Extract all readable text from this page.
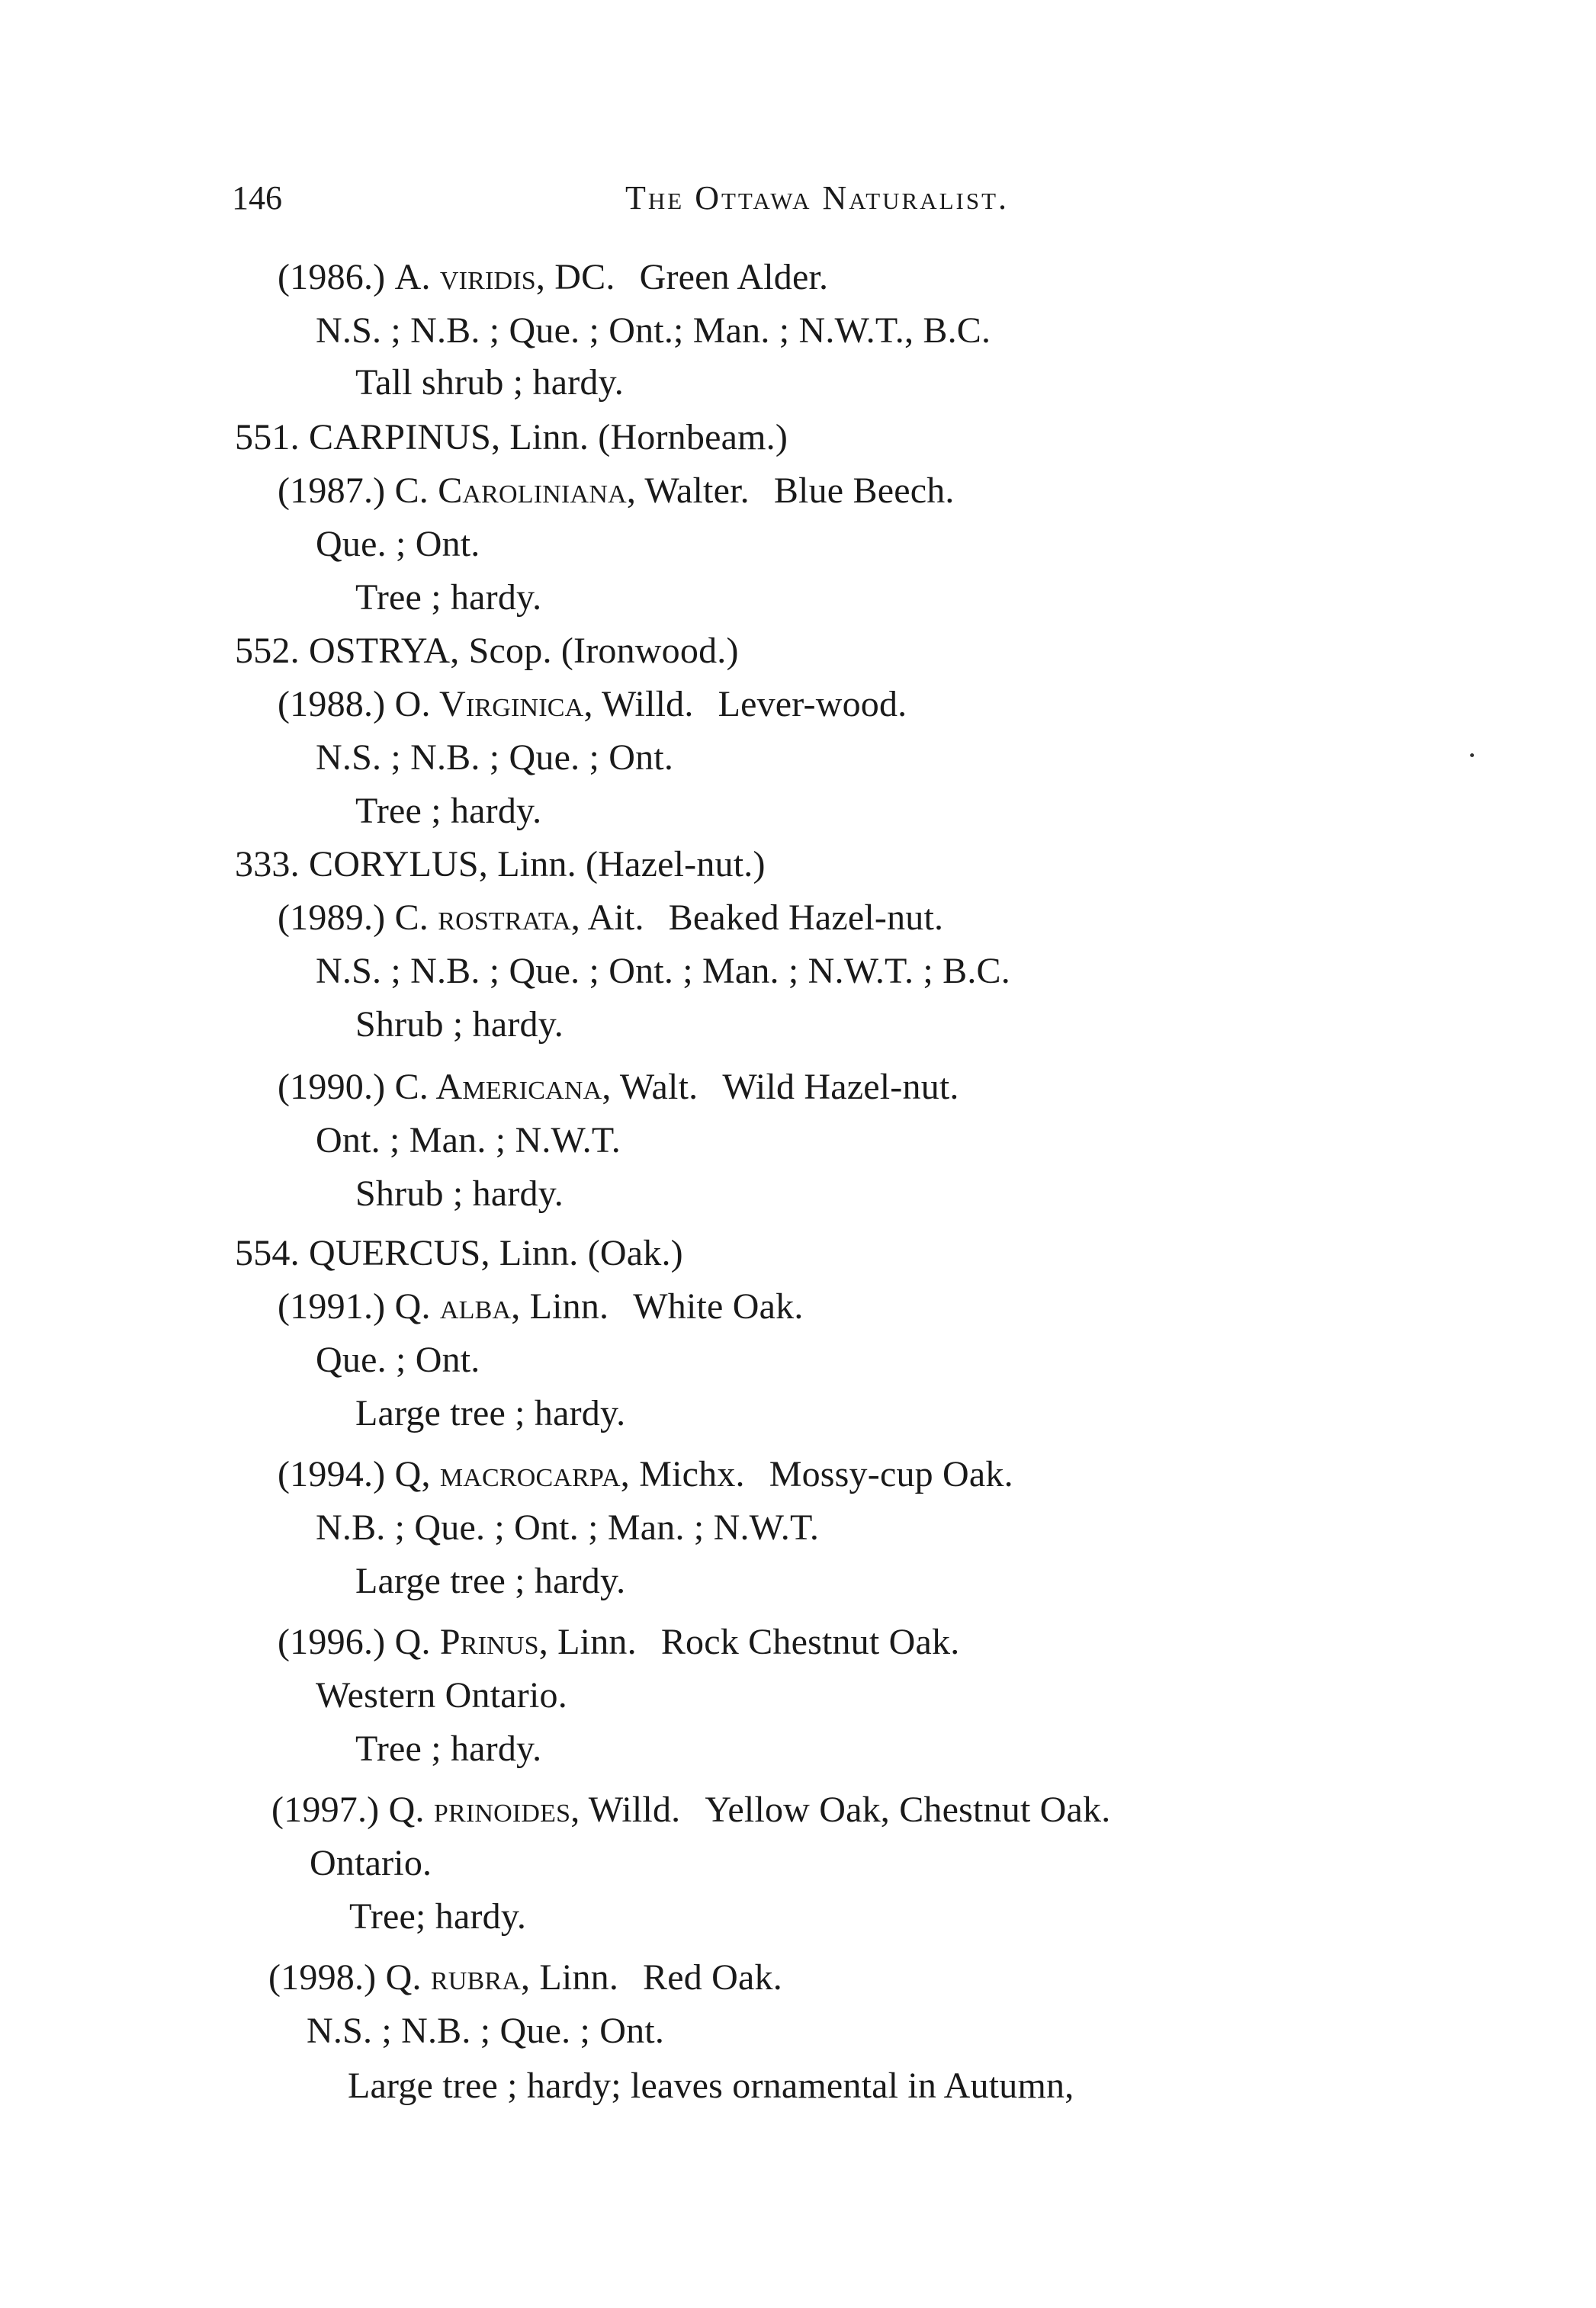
146	The Ottawa Naturalist.
(1986.) A. viridis, DC. Green Alder.
N.S. ; N.B. ; Que. ; Ont.; Man. ; N.W.T., B.C.
Tall shrub ; hardy.
551. CARPINUS, Linn. (Hornbeam.)
(1987.) C. Caroliniana, Walter. Blue Beech.
Que. ; Ont.
Tree ; hardy.
552. OSTRYA, Scop. (Ironwood.)
(1988.) O. Virginica, Willd. Lever-wood.
N.S. ; N.B. ; Que. ; Ont.
Tree ; hardy.
333. CORYLUS, Linn. (Hazel-nut.)
(1989.) C. rostrata, Ait. Beaked Hazel-nut.
N.S. ; N.B. ; Que. ; Ont. ; Man. ; N.W.T. ; B.C.
Shrub ; hardy.
(1990.) C. Americana, Walt. Wild Hazel-nut.
Ont. ; Man. ; N.W.T.
Shrub ; hardy.
554. QUERCUS, Linn. (Oak.)
(1991.) Q. alba, Linn. White Oak.
Que. ; Ont.
Large tree ; hardy.
(1994.) Q, macrocarpa, Michx. Mossy-cup Oak.
N.B. ; Que. ; Ont. ; Man. ; N.W.T.
Large tree ; hardy.
(1996.) Q. Prinus, Linn. Rock Chestnut Oak.
Western Ontario.
Tree ; hardy.
(1997.) Q. prinoides, Willd. Yellow Oak, Chestnut Oak.
Ontario.
Tree; hardy.
(1998.) Q. rubra, Linn. Red Oak.
N.S. ; N.B. ; Que. ; Ont.
Large tree ; hardy; leaves ornamental in Autumn,
